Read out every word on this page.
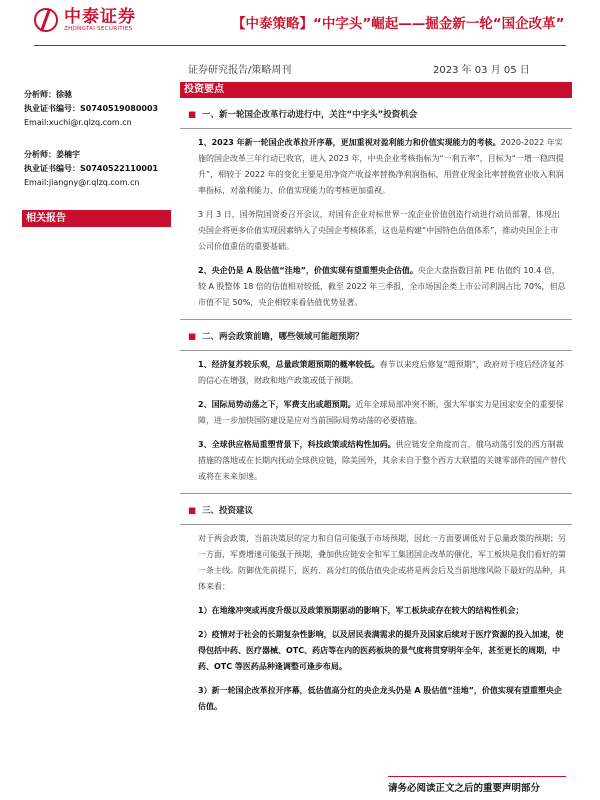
中泰证券
ZHONGTAI SECURITIES	【中泰策略】“中字头”崛起——掘金新一轮“国企改革”
证券研究报告/策略周刊	2023 年 03 月 05 日
分析师：徐驰
执业证书编号：S0740519080003
Email:xuchi@r.qlzq.com.cn
分析师：姜楠宇
执业证书编号：S0740522110001
Email:jiangny@r.qlzq.com.cn
相关报告
投资要点
■ 一、新一轮国企改革行动进行中，关注“中字头”投资机会
1、2023 年新一轮国企改革拉开序幕，更加重视对盈利能力和价值实现能力的考核。2020-2022 年实施的国企改革三年行动已收官，进入 2023 年，中央企业考核指标为“一利五率”，目标为“一增一稳四提升”，相较于 2022 年的变化主要是用净资产收益率替换净利润指标，用营业现金比率替换营业收入利润率指标，对盈利能力、价值实现能力的考核更加重视。
3 月 3 日，国务院国资委召开会议，对国有企业对标世界一流企业价值创造行动进行动员部署，体现出央国企将更多价值实现因素纳入了央国企考核体系，这也是构建“中国特色估值体系”，推动央国企上市公司价值重估的重要基础。
2、央企仍是 A 股估值“洼地”，价值实现有望重塑央企估值。央企大盘指数目前 PE 估值约 10.4 倍，较 A 股整体 18 倍的估值相对较低，截至 2022 年三季报，全市场国企类上市公司利润占比 70%，但总市值不足 50%，央企相较来看估值优势显著。
■ 二、两会政策前瞻，哪些领域可能超预期？
1、经济复苏较乐观，总量政策超预期的概率较低。春节以来疫后修复“超预期”，政府对于疫后经济复苏的信心在增强，财政和地产政策或低于预期。
2、国际局势动荡之下，军费支出或超预期。近年全球局部冲突不断，强大军事实力是国家安全的重要保障，进一步加快国防建设是应对当前国际局势动荡的必要措施。
3、全球供应格局重塑背景下，科技政策或结构性加码。供应链安全角度而言，俄乌动荡引发的西方制裁措施的落地或在长期内抚动全球供应链，除美国外，其余未自于整个西方大联盟的关键零部件的国产替代或将在未来加速。
■ 三、投资建议
对于两会政策，当前决策层的定力和自信可能强于市场预期，因此一方面要调低对于总量政策的预期；另一方面，军费增速可能强于预期，叠加供应链安全和军工集团国企改革的催化，军工板块是我们看好的第一条主线。防御优先前提下，医药、高分红的低估值央企或将是两会后及当前地缘风险下最好的品种，具体来看：
1）在地缘冲突或再度升级以及政策预期驱动的影响下，军工板块或存在较大的结构性机会；
2）疫情对于社会的长期复杂性影响，以及居民表满需求的提升及国家后续对于医疗资源的投入加速，使得包括中药、医疗器械、OTC、药店等在内的医药板块的景气度将贯穿明年全年，甚至更长的周期，中药、OTC 等医药品种逢调整可逢步布局。
3）新一轮国企改革拉开序幕，低估值高分红的央企龙头仍是 A 股估值“洼地”，价值实现有望重塑央企估值。
请务必阅读正文之后的重要声明部分
